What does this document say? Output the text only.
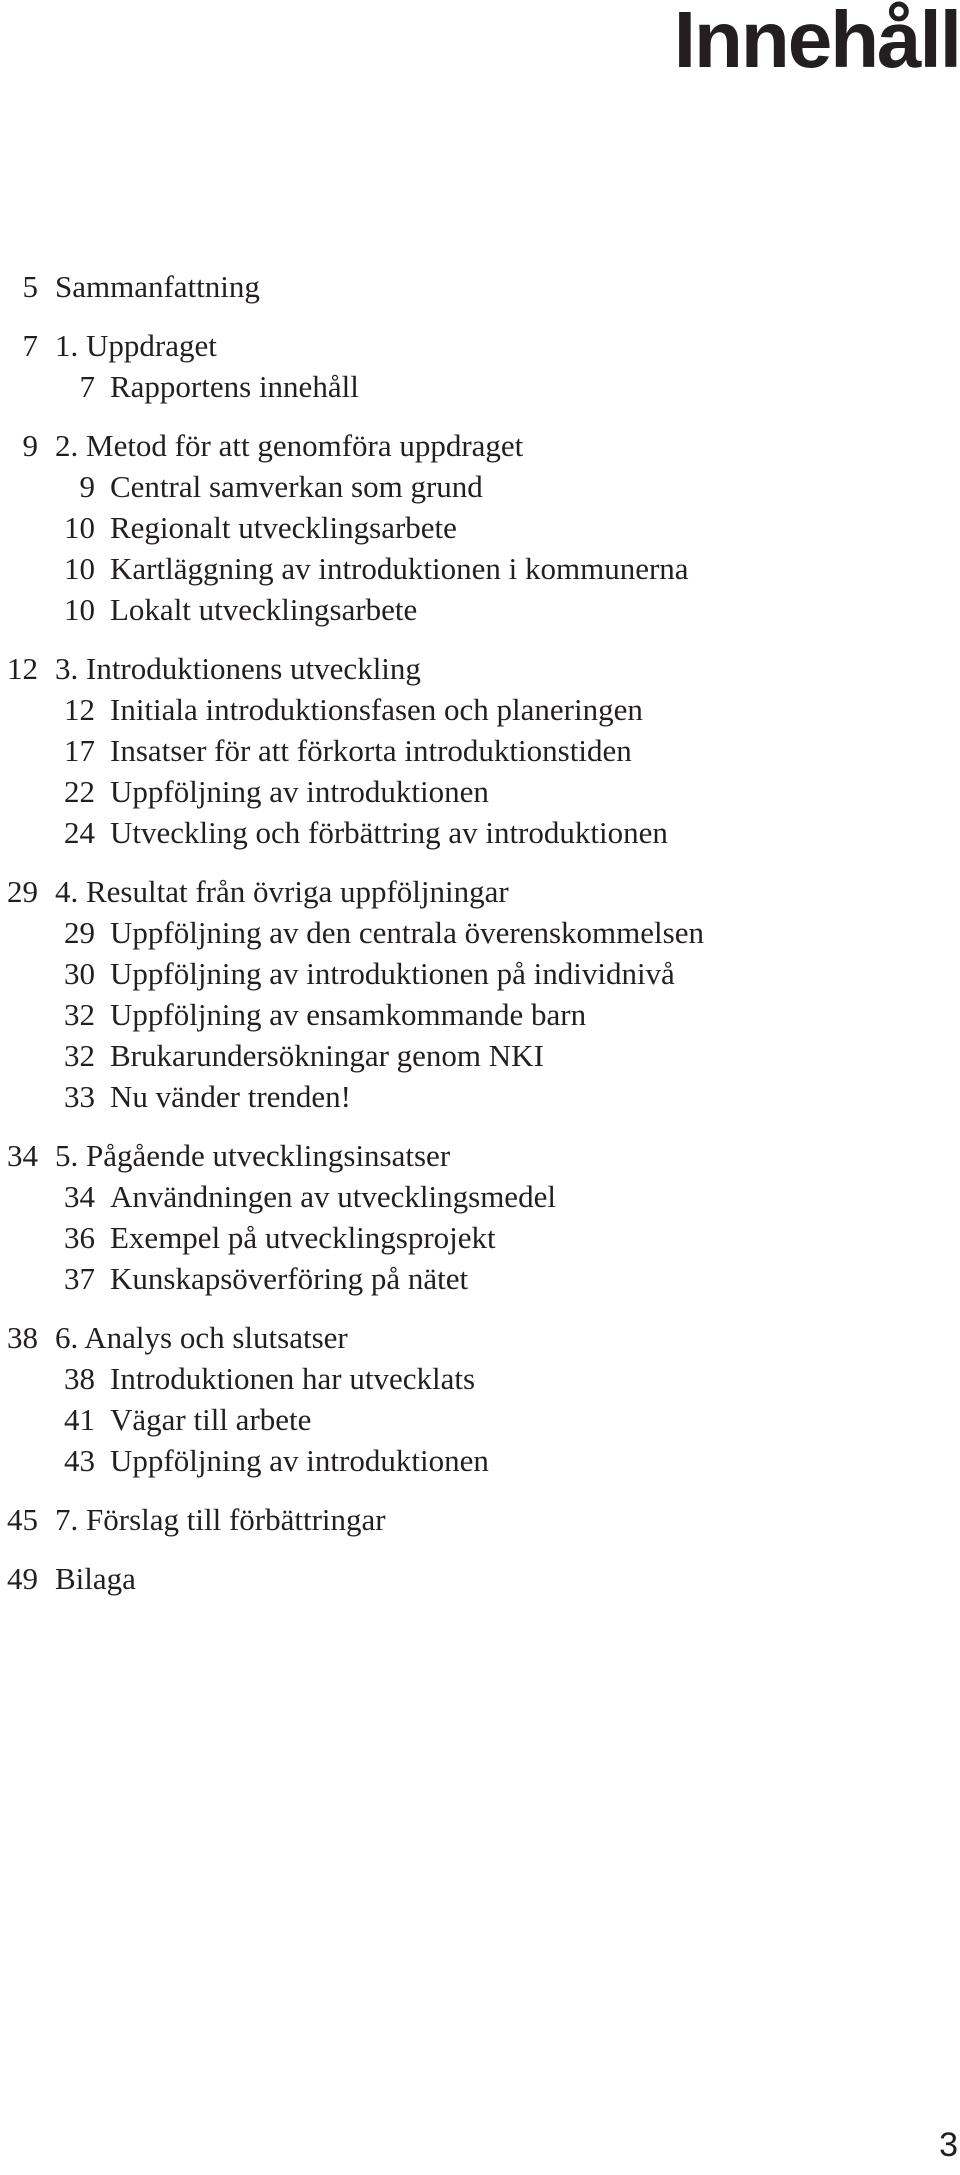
Innehåll
5 Sammanfattning
7 1. Uppdraget
7 Rapportens innehåll
9 2. Metod för att genomföra uppdraget
9 Central samverkan som grund
10 Regionalt utvecklingsarbete
10 Kartläggning av introduktionen i kommunerna
10 Lokalt utvecklingsarbete
12 3. Introduktionens utveckling
12 Initiala introduktionsfasen och planeringen
17 Insatser för att förkorta introduktionstiden
22 Uppföljning av introduktionen
24 Utveckling och förbättring av introduktionen
29 4. Resultat från övriga uppföljningar
29 Uppföljning av den centrala överenskommelsen
30 Uppföljning av introduktionen på individnivå
32 Uppföljning av ensamkommande barn
32 Brukarundersökningar genom NKI
33 Nu vänder trenden!
34 5. Pågående utvecklingsinsatser
34 Användningen av utvecklingsmedel
36 Exempel på utvecklingsprojekt
37 Kunskapsöverföring på nätet
38 6. Analys och slutsatser
38 Introduktionen har utvecklats
41 Vägar till arbete
43 Uppföljning av introduktionen
45 7. Förslag till förbättringar
49 Bilaga
3
